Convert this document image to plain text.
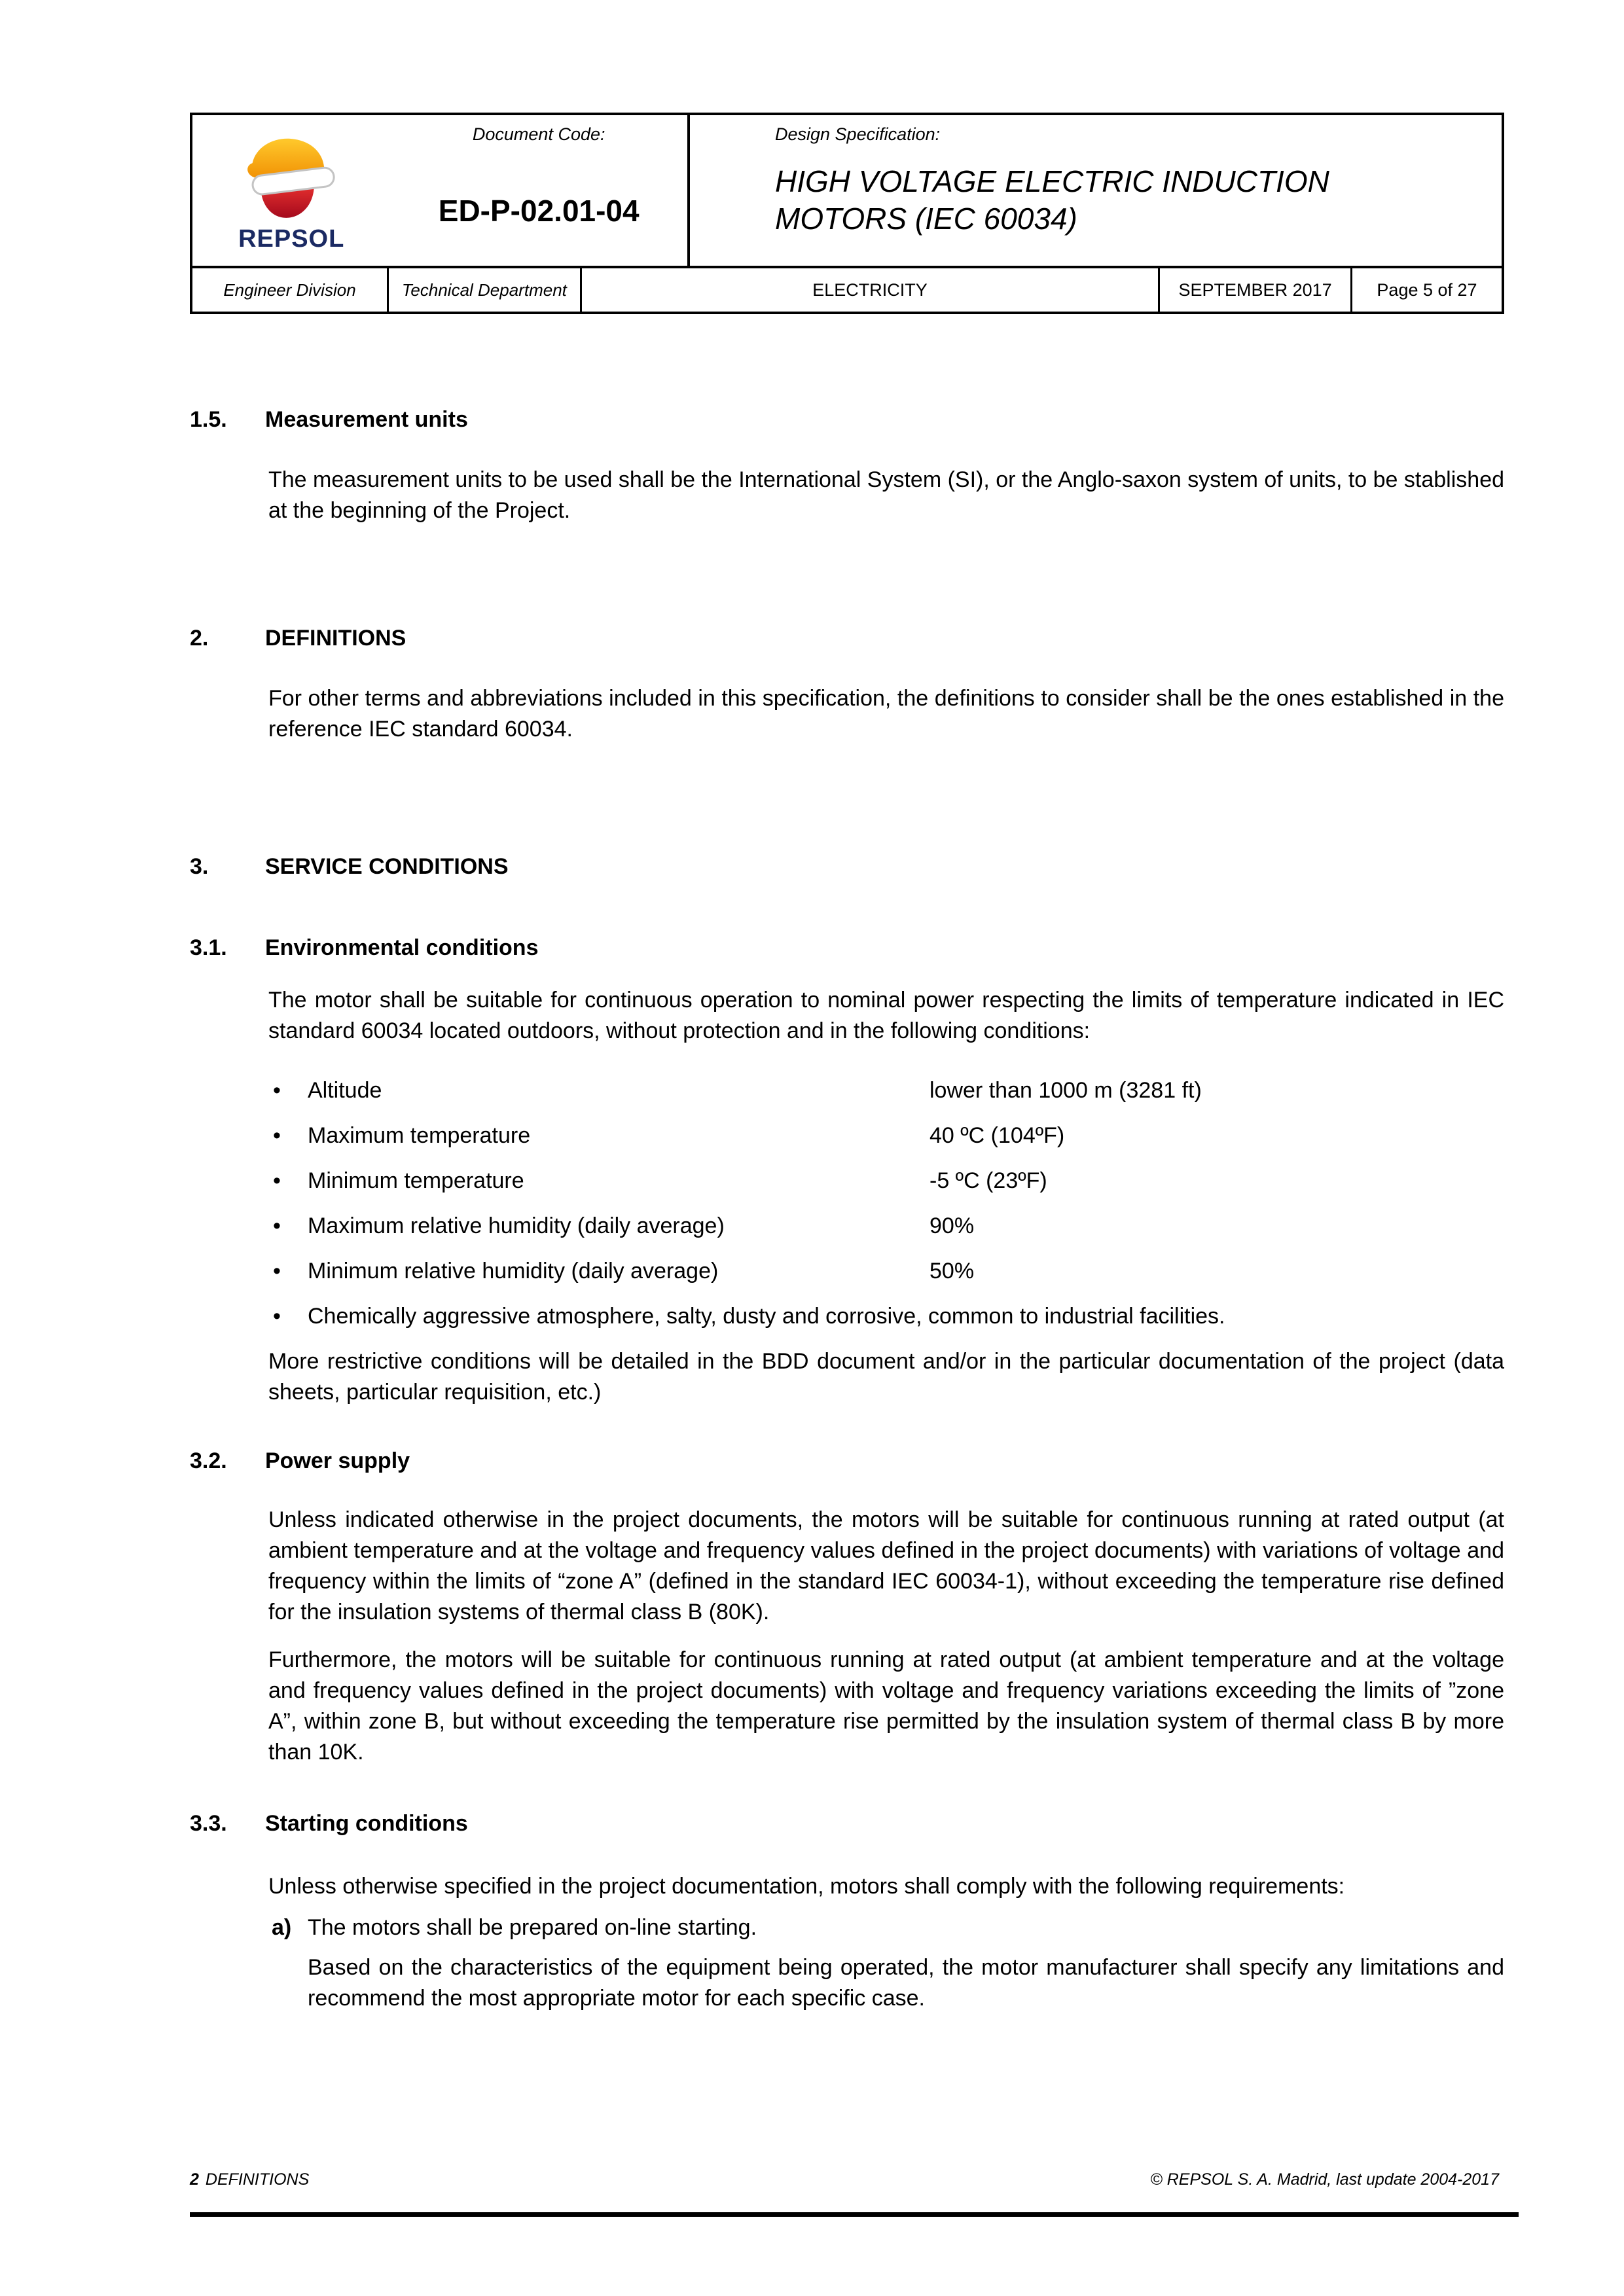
REPSOL
Document Code:
ED-P-02.01-04
Design Specification:
HIGH VOLTAGE ELECTRIC INDUCTION
MOTORS (IEC 60034)
Engineer Division	Technical Department	ELECTRICITY	SEPTEMBER 2017	Page 5 of 27
1.5.	Measurement units

The measurement units to be used shall be the International System (SI), or the Anglo-saxon system of units, to be stablished at the beginning of the Project.

2.	DEFINITIONS

For other terms and abbreviations included in this specification, the definitions to consider shall be the ones established in the reference IEC standard 60034.

3.	SERVICE CONDITIONS
3.1.	Environmental conditions

The motor shall be suitable for continuous operation to nominal power respecting the limits of temperature indicated in IEC standard 60034 located outdoors, without protection and in the following conditions:

•	Altitude	lower than 1000 m (3281 ft)
•	Maximum temperature	40 ºC (104ºF)
•	Minimum temperature	-5 ºC (23ºF)
•	Maximum relative humidity (daily average)	90%
•	Minimum relative humidity (daily average)	50%
•	Chemically aggressive atmosphere, salty, dusty and corrosive, common to industrial facilities.

More restrictive conditions will be detailed in the BDD document and/or in the particular documentation of the project (data sheets, particular requisition, etc.)

3.2.	Power supply

Unless indicated otherwise in the project documents, the motors will be suitable for continuous running at rated output (at ambient temperature and at the voltage and frequency values defined in the project documents) with variations of voltage and frequency within the limits of “zone A” (defined in the standard IEC 60034-1), without exceeding the temperature rise defined for the insulation systems of thermal class B (80K).

Furthermore, the motors will be suitable for continuous running at rated output (at ambient temperature and at the voltage and frequency values defined in the project documents) with voltage and frequency variations exceeding the limits of ”zone A”, within zone B, but without exceeding the temperature rise permitted by the insulation system of thermal class B by more than 10K.

3.3.	Starting conditions

Unless otherwise specified in the project documentation, motors shall comply with the following requirements:

a) The motors shall be prepared on-line starting.

Based on the characteristics of the equipment being operated, the motor manufacturer shall specify any limitations and recommend the most appropriate motor for each specific case.

2 DEFINITIONS	© REPSOL S. A. Madrid, last update 2004-2017
